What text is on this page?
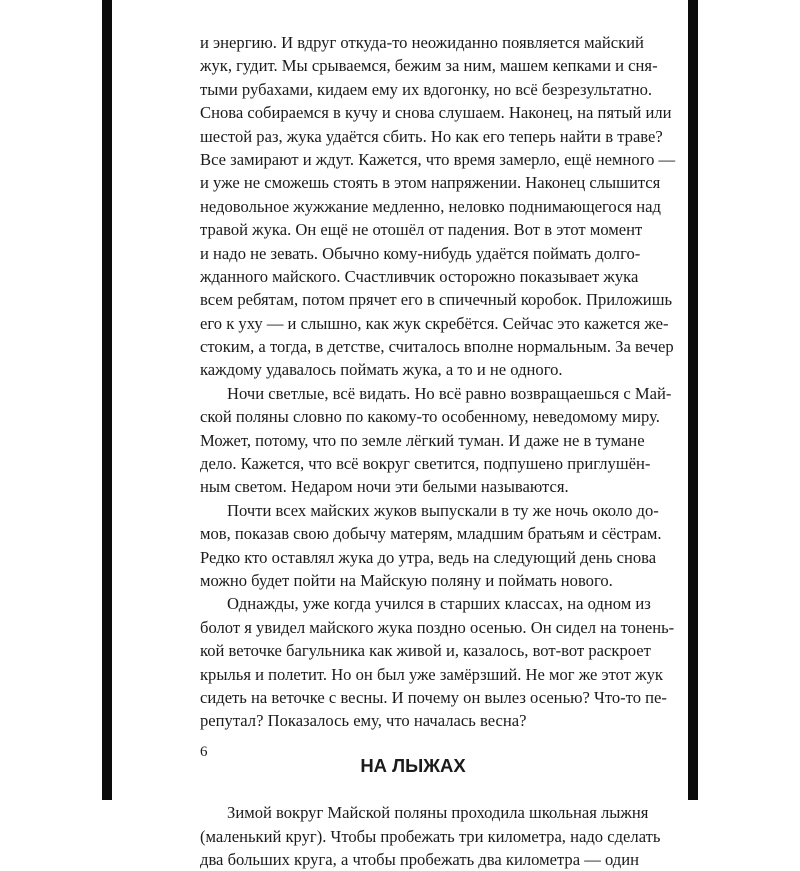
и энергию. И вдруг откуда-то неожиданно появляется майский
жук, гудит. Мы срываемся, бежим за ним, машем кепками и сня-
тыми рубахами, кидаем ему их вдогонку, но всё безрезультатно.
Снова собираемся в кучу и снова слушаем. Наконец, на пятый или
шестой раз, жука удаётся сбить. Но как его теперь найти в траве?
Все замирают и ждут. Кажется, что время замерло, ещё немного —
и уже не сможешь стоять в этом напряжении. Наконец слышится
недовольное жужжание медленно, неловко поднимающегося над
травой жука. Он ещё не отошёл от падения. Вот в этот момент
и надо не зевать. Обычно кому-нибудь удаётся поймать долго-
жданного майского. Счастливчик осторожно показывает жука
всем ребятам, потом прячет его в спичечный коробок. Приложишь
его к уху — и слышно, как жук скребётся. Сейчас это кажется же-
стоким, а тогда, в детстве, считалось вполне нормальным. За вечер
каждому удавалось поймать жука, а то и не одного.
Ночи светлые, всё видать. Но всё равно возвращаешься с Май-
ской поляны словно по какому-то особенному, неведомому миру.
Может, потому, что по земле лёгкий туман. И даже не в тумане
дело. Кажется, что всё вокруг светится, подпушено приглушён-
ным светом. Недаром ночи эти белыми называются.
Почти всех майских жуков выпускали в ту же ночь около до-
мов, показав свою добычу матерям, младшим братьям и сёстрам.
Редко кто оставлял жука до утра, ведь на следующий день снова
можно будет пойти на Майскую поляну и поймать нового.
Однажды, уже когда учился в старших классах, на одном из
болот я увидел майского жука поздно осенью. Он сидел на тонень-
кой веточке багульника как живой и, казалось, вот-вот раскроет
крылья и полетит. Но он был уже замёрзший. Не мог же этот жук
сидеть на веточке с весны. И почему он вылез осенью? Что-то пе-
репутал? Показалось ему, что началась весна?
НА ЛЫЖАХ
Зимой вокруг Майской поляны проходила школьная лыжня
(маленький круг). Чтобы пробежать три километра, надо сделать
два больших круга, а чтобы пробежать два километра — один
6
